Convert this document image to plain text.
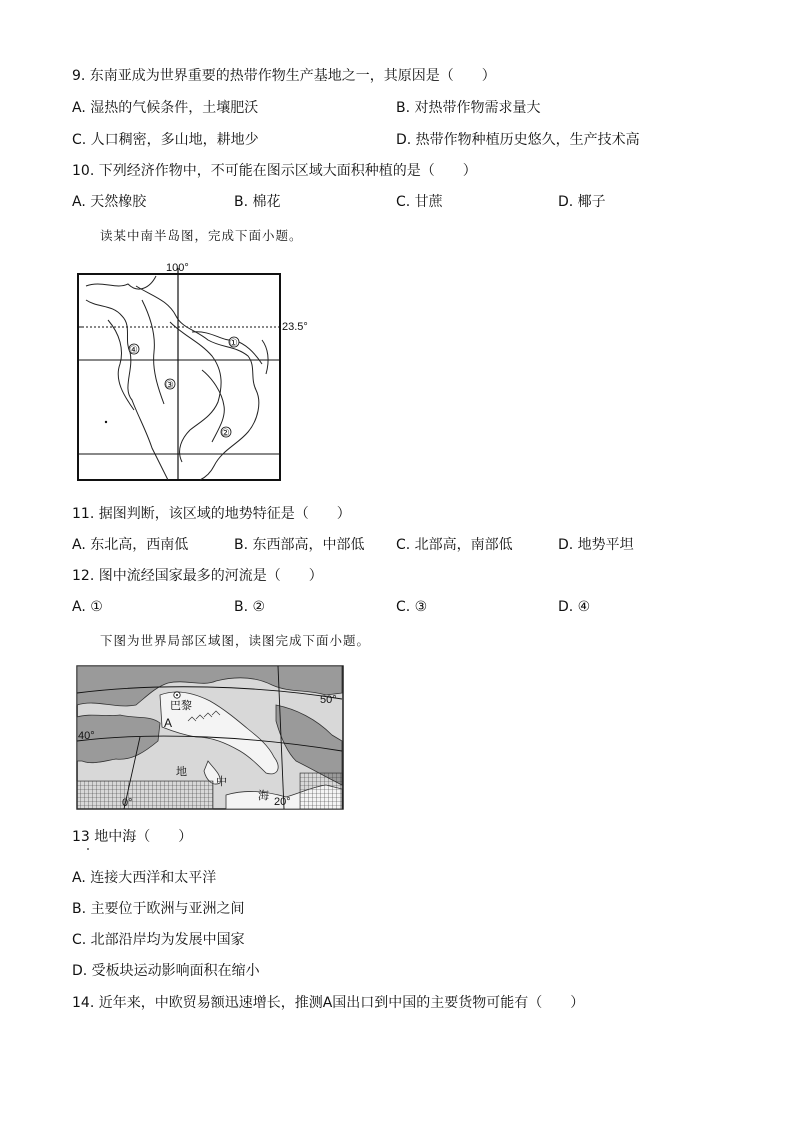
9. 东南亚成为世界重要的热带作物生产基地之一，其原因是（　　）
A. 湿热的气候条件，土壤肥沃	B. 对热带作物需求量大
C. 人口稠密，多山地，耕地少	D. 热带作物种植历史悠久，生产技术高
10. 下列经济作物中，不可能在图示区域大面积种植的是（　　）
A. 天然橡胶	B. 棉花	C. 甘蔗	D. 椰子
读某中南半岛图，完成下面小题。
100°
23.5°
①
②
③
④
11. 据图判断，该区域的地势特征是（　　）
A. 东北高，西南低	B. 东西部高，中部低 C. 北部高，南部低	D. 地势平坦
12. 图中流经国家最多的河流是（　　）
A. ①	B. ②	C. ③	D. ④
下图为世界局部区域图，读图完成下面小题。
巴黎
A
50°
40°
0°	20°
地
中
海
13 地中海（　　）
A. 连接大西洋和太平洋
B. 主要位于欧洲与亚洲之间
C. 北部沿岸均为发展中国家
D. 受板块运动影响面积在缩小
14. 近年来，中欧贸易额迅速增长，推测A国出口到中国的主要货物可能有（　　）
